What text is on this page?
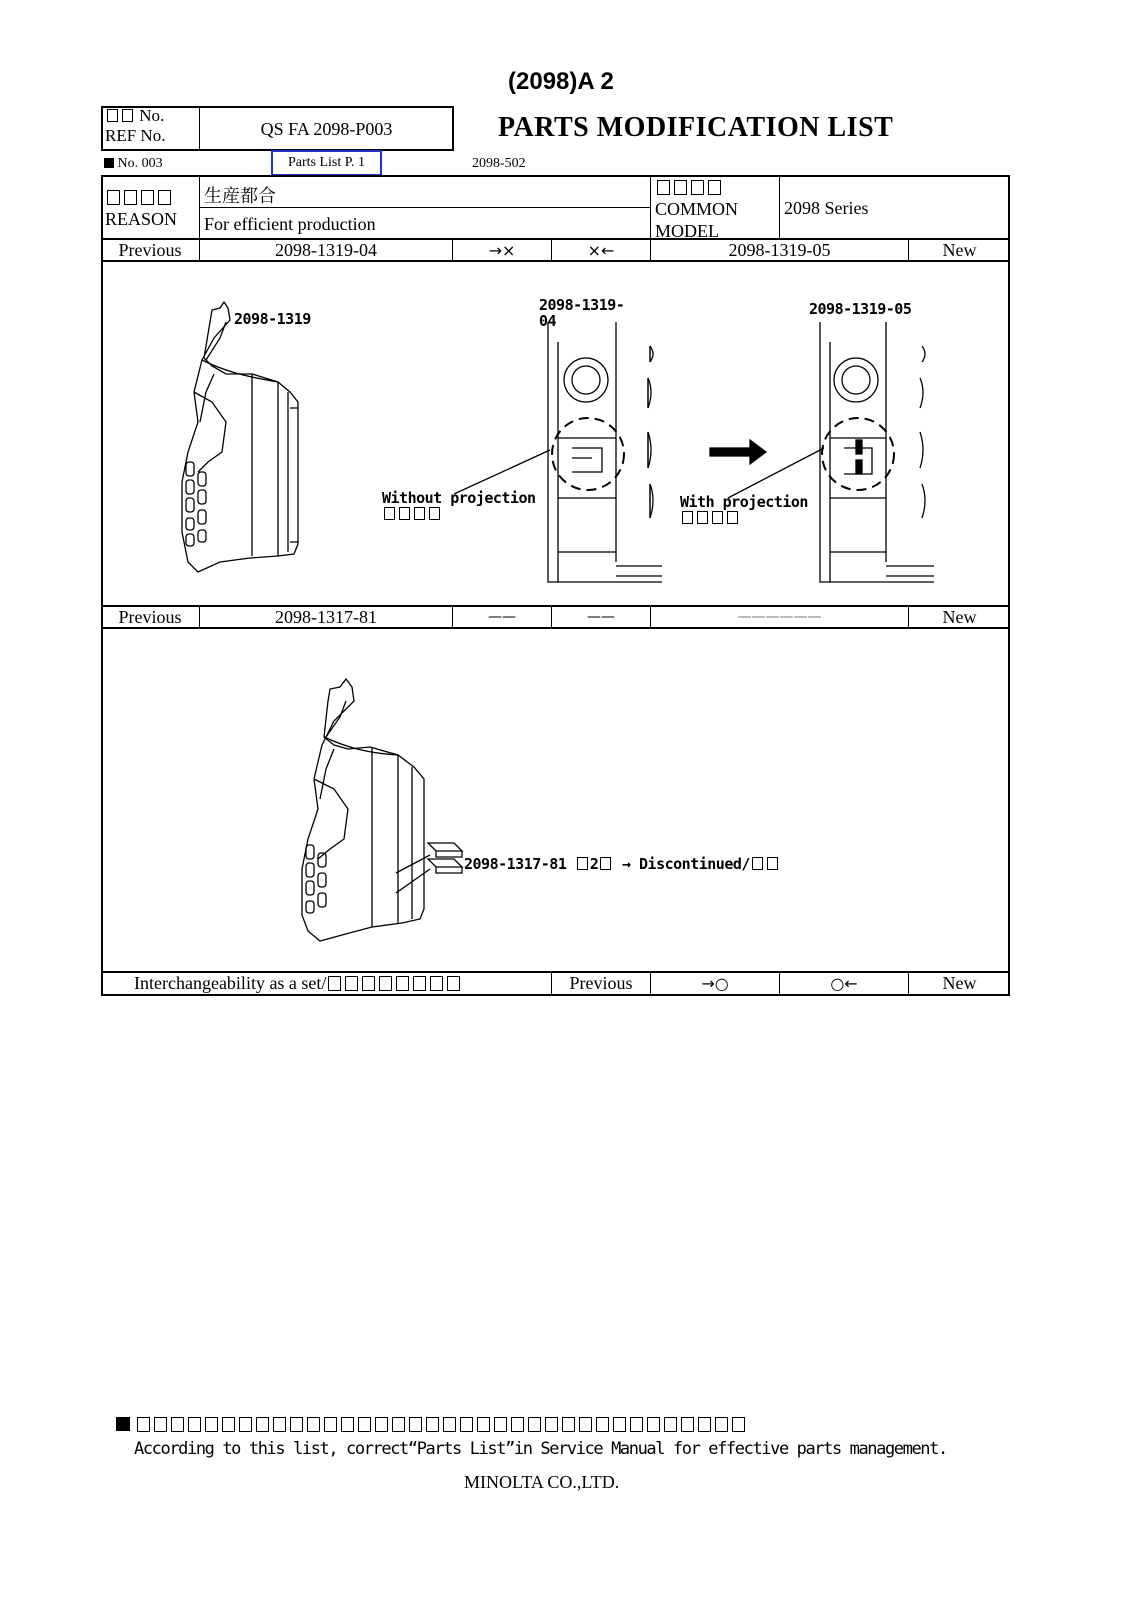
(2098)A 2
No.
REF No.	QS FA 2098-P003	PARTS MODIFICATION LIST
No. 003	Parts List P. 1	2098-502
REASON
生産都合
For efficient production
COMMON
MODEL
2098 Series
Previous	2098-1319-04	→×	×←	2098-1319-05	New
2098-1319
2098-1319-
04
2098-1319-05
Without projection	With projection
Previous	2098-1317-81	——	——	——————	New
2098-1317-81 2 → Discontinued/
Interchangeability as a set/	Previous	→○	○←	New

According to this list, correct“Parts List”in Service Manual for effective parts management.
MINOLTA CO.,LTD.
